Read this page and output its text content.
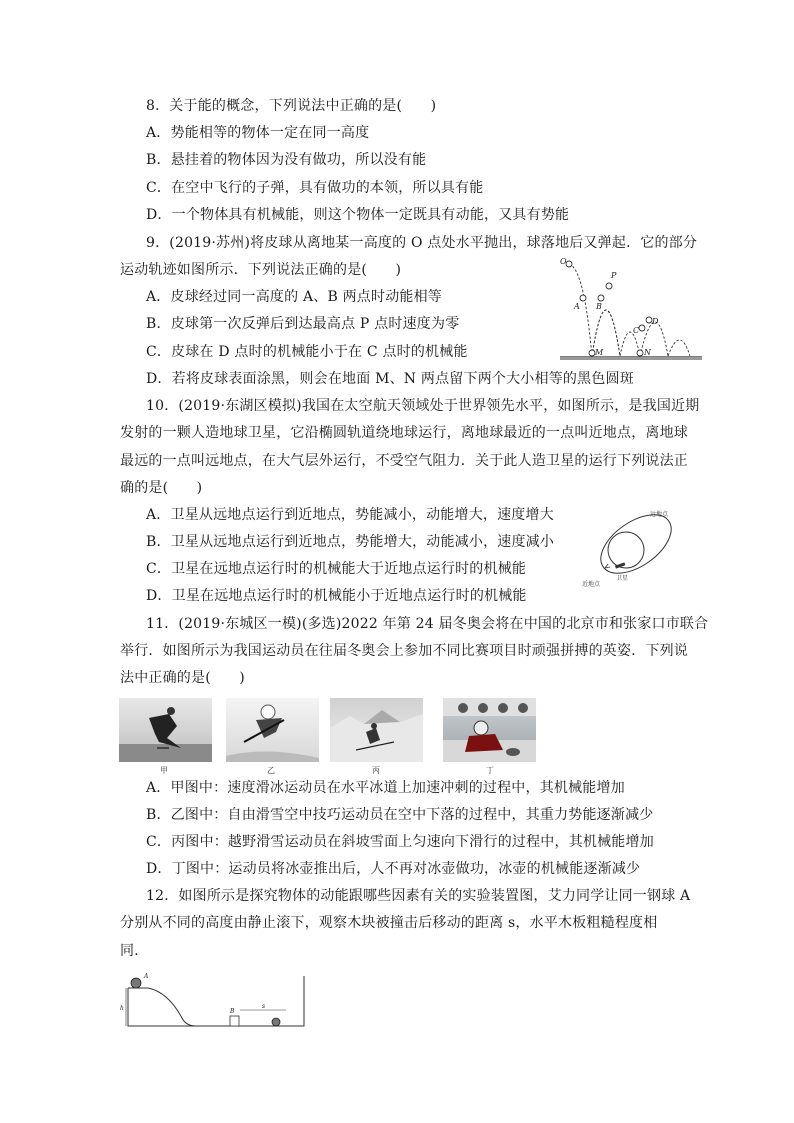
8．关于能的概念，下列说法中正确的是(　　)
A．势能相等的物体一定在同一高度
B．悬挂着的物体因为没有做功，所以没有能
C．在空中飞行的子弹，具有做功的本领，所以具有能
D．一个物体具有机械能，则这个物体一定既具有动能，又具有势能
9．(2019·苏州)将皮球从离地某一高度的 O 点处水平抛出，球落地后又弹起．它的部分
运动轨迹如图所示．下列说法正确的是(　　)
A．皮球经过同一高度的 A、B 两点时动能相等
B．皮球第一次反弹后到达最高点 P 点时速度为零
C．皮球在 D 点时的机械能小于在 C 点时的机械能
D．若将皮球表面涂黑，则会在地面 M、N 两点留下两个大小相等的黑色圆斑
O
P
A B
C
D
M	N
10．(2019·东湖区模拟)我国在太空航天领域处于世界领先水平，如图所示，是我国近期
发射的一颗人造地球卫星，它沿椭圆轨道绕地球运行，离地球最近的一点叫近地点，离地球
最远的一点叫远地点，在大气层外运行，不受空气阻力．关于此人造卫星的运行下列说法正
确的是(　　)
A．卫星从远地点运行到近地点，势能减小，动能增大，速度增大
B．卫星从远地点运行到近地点，势能增大，动能减小，速度减小
C．卫星在远地点运行时的机械能大于近地点运行时的机械能
D．卫星在远地点运行时的机械能小于近地点运行时的机械能
远地点
近地点
卫星
11．(2019·东城区一模)(多选)2022 年第 24 届冬奥会将在中国的北京市和张家口市联合
举行．如图所示为我国运动员在往届冬奥会上参加不同比赛项目时顽强拼搏的英姿．下列说
法中正确的是(　　)
甲	乙	丙	丁
A．甲图中：速度滑冰运动员在水平冰道上加速冲刺的过程中，其机械能增加
B．乙图中：自由滑雪空中技巧运动员在空中下落的过程中，其重力势能逐渐减少
C．丙图中：越野滑雪运动员在斜坡雪面上匀速向下滑行的过程中，其机械能增加
D．丁图中：运动员将冰壶推出后，人不再对冰壶做功，冰壶的机械能逐渐减少
12．如图所示是探究物体的动能跟哪些因素有关的实验装置图，艾力同学让同一钢球 A
分别从不同的高度由静止滚下，观察木块被撞击后移动的距离 s，水平木板粗糙程度相
同．
A
h	B
s
